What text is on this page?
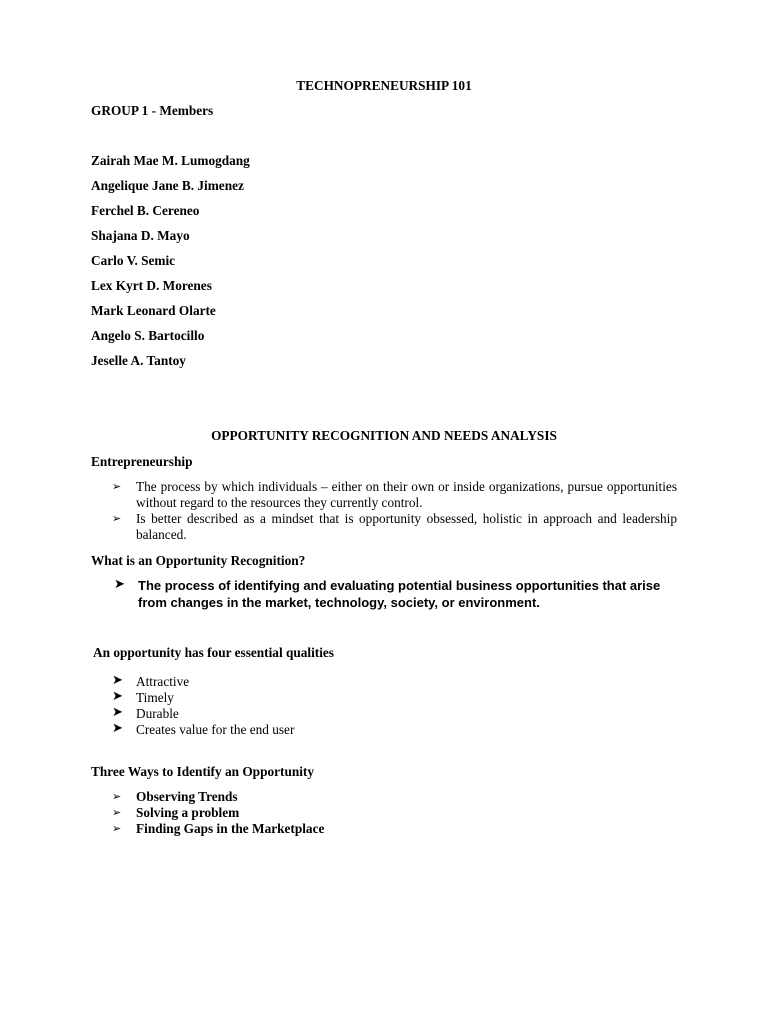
TECHNOPRENEURSHIP 101
GROUP 1 - Members
Zairah Mae M. Lumogdang
Angelique Jane B. Jimenez
Ferchel B. Cereneo
Shajana D. Mayo
Carlo V. Semic
Lex Kyrt D. Morenes
Mark Leonard Olarte
Angelo S. Bartocillo
Jeselle A. Tantoy
OPPORTUNITY RECOGNITION AND NEEDS ANALYSIS
Entrepreneurship
➢	The process by which individuals – either on their own or inside organizations, pursue opportunities without regard to the resources they currently control.
➢	Is better described as a mindset that is opportunity obsessed, holistic in approach and leadership balanced.
What is an Opportunity Recognition?
➤	The process of identifying and evaluating potential business opportunities that arise from changes in the market, technology, society, or environment.
An opportunity has four essential qualities
➤ Attractive
➤ Timely
➤ Durable
➤ Creates value for the end user
Three Ways to Identify an Opportunity
➢	Observing Trends
➢	Solving a problem
➢	Finding Gaps in the Marketplace
